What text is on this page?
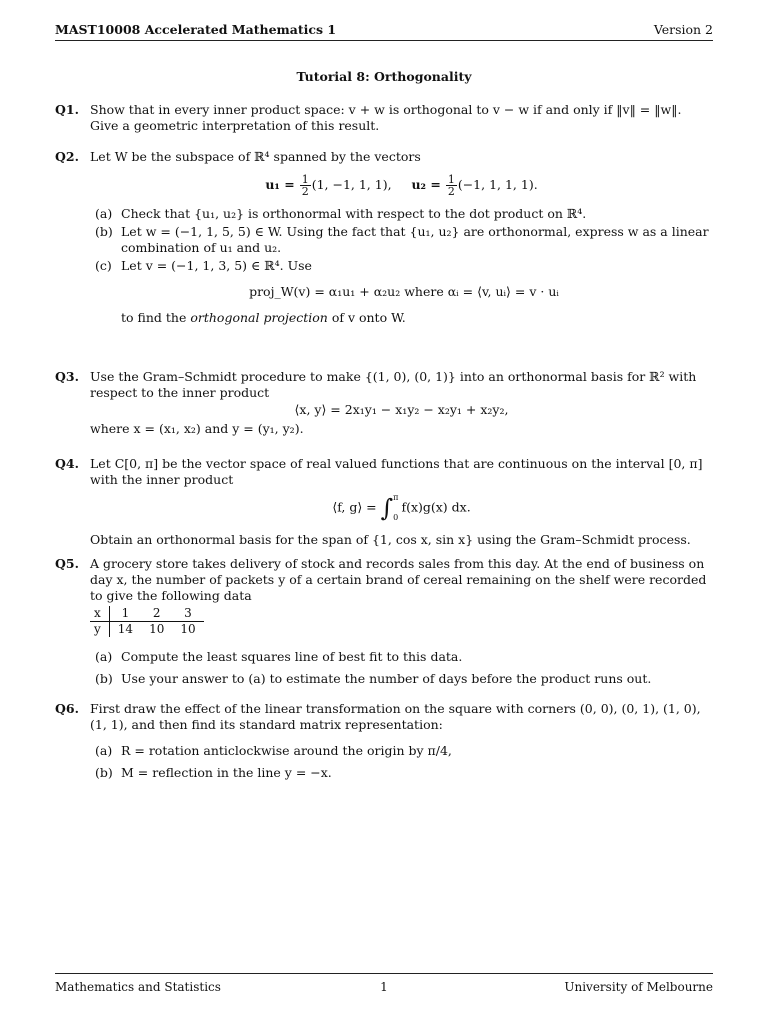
MAST10008 Accelerated Mathematics 1	Version 2
Tutorial 8: Orthogonality
Q1. Show that in every inner product space: v + w is orthogonal to v − w if and only if ‖v‖ = ‖w‖. Give a geometric interpretation of this result.
Q2. Let W be the subspace of ℝ⁴ spanned by the vectors
$u_1 = \frac{1}{2} (1$, −1, 1, 1), $u_2 = \frac{1}{2} (-1$, 1, 1, 1).
(a) Check that {u₁, u₂} is orthonormal with respect to the dot product on ℝ⁴.
(b) Let w = (−1, 1, 5, 5) ∈ W. Using the fact that {u₁, u₂} are orthonormal, express w as a linear combination of u₁ and u₂.
(c) Let v = (−1, 1, 3, 5) ∈ ℝ⁴. Use
proj_W(v) = α₁u₁ + α₂u₂ where αᵢ = ⟨v, uᵢ⟩ = v · uᵢ
to find the orthogonal projection of v onto W.
Q3. Use the Gram–Schmidt procedure to make {(1, 0), (0, 1)} into an orthonormal basis for ℝ² with respect to the inner product
⟨x, y⟩ = 2x₁y₁ − x₁y₂ − x₂y₁ + x₂y₂,
where x = (x₁, x₂) and y = (y₁, y₂).
Q4. Let C[0, π] be the vector space of real valued functions that are continuous on the interval [0, π] with the inner product
⟨f, g⟩ = ∫ π
0
f(x)g(x) dx.
Obtain an orthonormal basis for the span of {1, cos x, sin x} using the Gram–Schmidt process.
Q5. A grocery store takes delivery of stock and records sales from this day. At the end of business on day x, the number of packets y of a certain brand of cereal remaining on the shelf were recorded to give the following data
x	1	2	3
y	14	10	10
(a) Compute the least squares line of best fit to this data.
(b) Use your answer to (a) to estimate the number of days before the product runs out.
Q6. First draw the effect of the linear transformation on the square with corners (0, 0), (0, 1), (1, 0), (1, 1), and then find its standard matrix representation:
(a) R = rotation anticlockwise around the origin by π/4,
(b) M = reflection in the line y = −x.
Mathematics and Statistics	1	University of Melbourne
